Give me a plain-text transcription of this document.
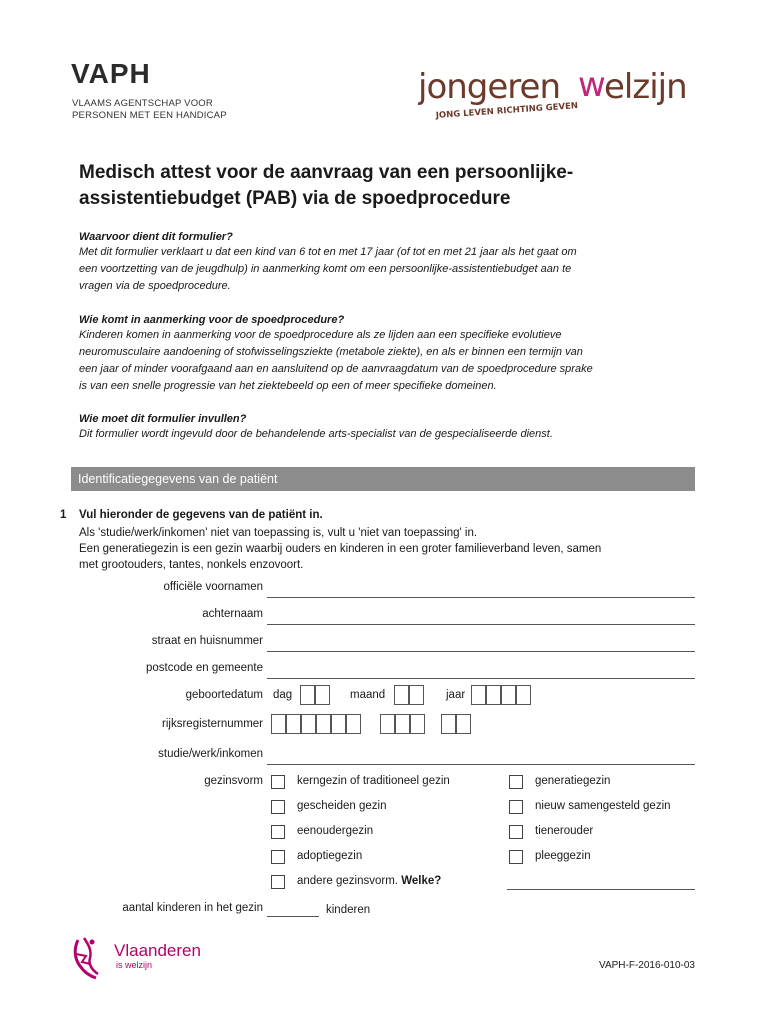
VAPH
VLAAMS AGENTSCHAP VOOR
PERSONEN MET EEN HANDICAP
jongeren w
elzijn
JONG LEVEN RICHTING GEVEN
Medisch attest voor de aanvraag van een persoonlijke-
assistentiebudget (PAB) via de spoedprocedure
Waarvoor dient dit formulier?
Met dit formulier verklaart u dat een kind van 6 tot en met 17 jaar (of tot en met 21 jaar als het gaat om
een voortzetting van de jeugdhulp) in aanmerking komt om een persoonlijke-assistentiebudget aan te
vragen via de spoedprocedure.
Wie komt in aanmerking voor de spoedprocedure?
Kinderen komen in aanmerking voor de spoedprocedure als ze lijden aan een specifieke evolutieve
neuromusculaire aandoening of stofwisselingsziekte (metabole ziekte), en als er binnen een termijn van
een jaar of minder voorafgaand aan en aansluitend op de aanvraagdatum van de spoedprocedure sprake
is van een snelle progressie van het ziektebeeld op een of meer specifieke domeinen.
Wie moet dit formulier invullen?
Dit formulier wordt ingevuld door de behandelende arts-specialist van de gespecialiseerde dienst.
Identificatiegegevens van de patiënt
1 Vul hieronder de gegevens van de patiënt in.
Als 'studie/werk/inkomen' niet van toepassing is, vult u 'niet van toepassing' in.
Een generatiegezin is een gezin waarbij ouders en kinderen in een groter familieverband leven, samen
met grootouders, tantes, nonkels enzovoort.
officiële voornamen
achternaam
straat en huisnummer
postcode en gemeente
geboortedatum dag	maand	jaar
rijksregisternummer
studie/werk/inkomen
gezinsvorm	kerngezin of traditioneel gezin	generatiegezin
gescheiden gezin	nieuw samengesteld gezin
eenoudergezin	tienerouder
adoptiegezin	pleeggezin
andere gezinsvorm. Welke?
aantal kinderen in het gezin	kinderen
Vlaanderen
is welzijn	VAPH-F-2016-010-03
